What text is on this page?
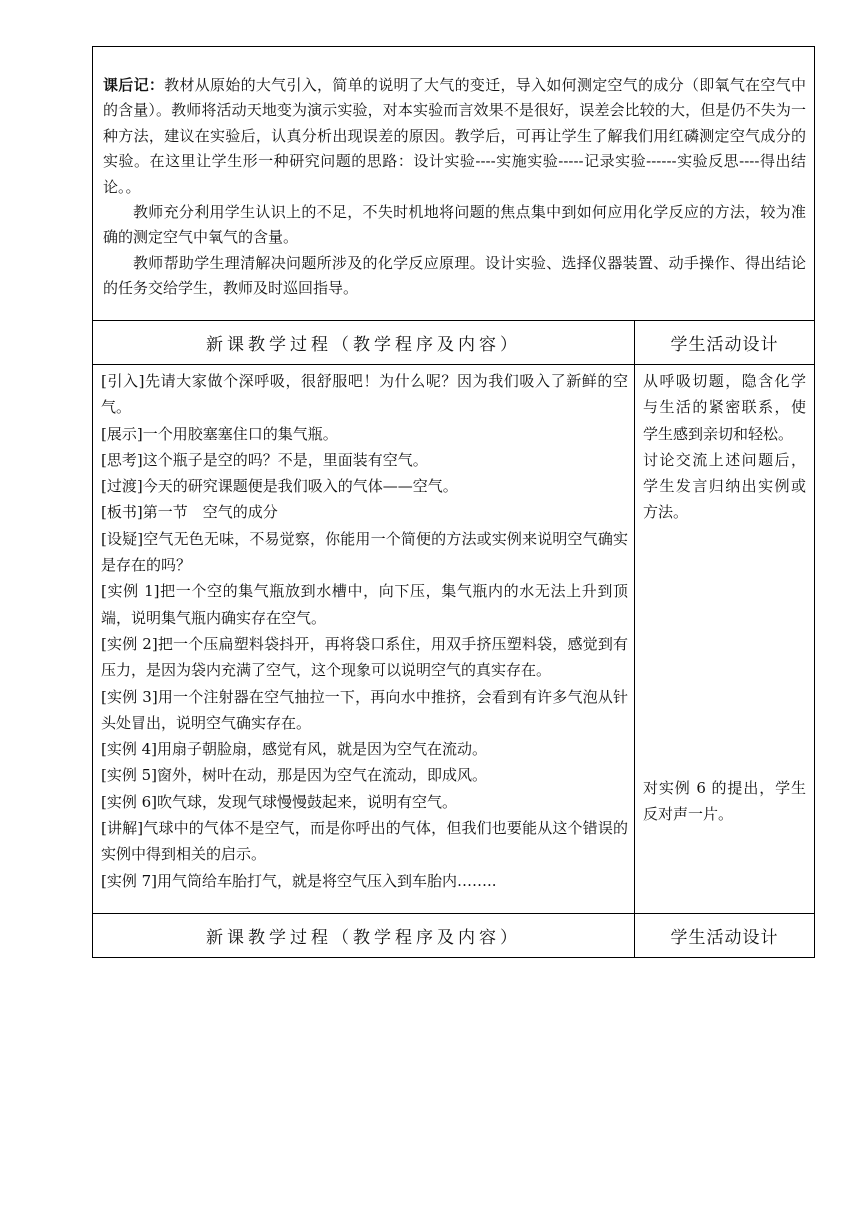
课后记：教材从原始的大气引入，简单的说明了大气的变迁，导入如何测定空气的成分（即氧气在空气中的含量）。教师将活动天地变为演示实验，对本实验而言效果不是很好，误差会比较的大，但是仍不失为一种方法，建议在实验后，认真分析出现误差的原因。教学后，可再让学生了解我们用红磷测定空气成分的实验。在这里让学生形一种研究问题的思路：设计实验----实施实验-----记录实验------实验反思----得出结论。。

教师充分利用学生认识上的不足，不失时机地将问题的焦点集中到如何应用化学反应的方法，较为准确的测定空气中氧气的含量。

教师帮助学生理清解决问题所涉及的化学反应原理。设计实验、选择仪器装置、动手操作、得出结论的任务交给学生，教师及时巡回指导。

新课教学过程（教学程序及内容）	学生活动设计

[引入]先请大家做个深呼吸，很舒服吧！为什么呢？因为我们吸入了新鲜的空气。

[展示]一个用胶塞塞住口的集气瓶。

[思考]这个瓶子是空的吗？不是，里面装有空气。

[过渡]今天的研究课题便是我们吸入的气体——空气。

[板书]第一节　空气的成分

[设疑]空气无色无味，不易觉察，你能用一个简便的方法或实例来说明空气确实是存在的吗？

[实例 1]把一个空的集气瓶放到水槽中，向下压，集气瓶内的水无法上升到顶端，说明集气瓶内确实存在空气。

[实例 2]把一个压扁塑料袋抖开，再将袋口系住，用双手挤压塑料袋，感觉到有压力，是因为袋内充满了空气，这个现象可以说明空气的真实存在。

[实例 3]用一个注射器在空气抽拉一下，再向水中推挤，会看到有许多气泡从针头处冒出，说明空气确实存在。

[实例 4]用扇子朝脸扇，感觉有风，就是因为空气在流动。

[实例 5]窗外，树叶在动，那是因为空气在流动，即成风。

[实例 6]吹气球，发现气球慢慢鼓起来，说明有空气。

[讲解]气球中的气体不是空气，而是你呼出的气体，但我们也要能从这个错误的实例中得到相关的启示。

[实例 7]用气筒给车胎打气，就是将空气压入到车胎内……..

从呼吸切题，隐含化学与生活的紧密联系，使学生感到亲切和轻松。

讨论交流上述问题后，学生发言归纳出实例或方法。

对实例 6 的提出，学生反对声一片。

新课教学过程（教学程序及内容）	学生活动设计
